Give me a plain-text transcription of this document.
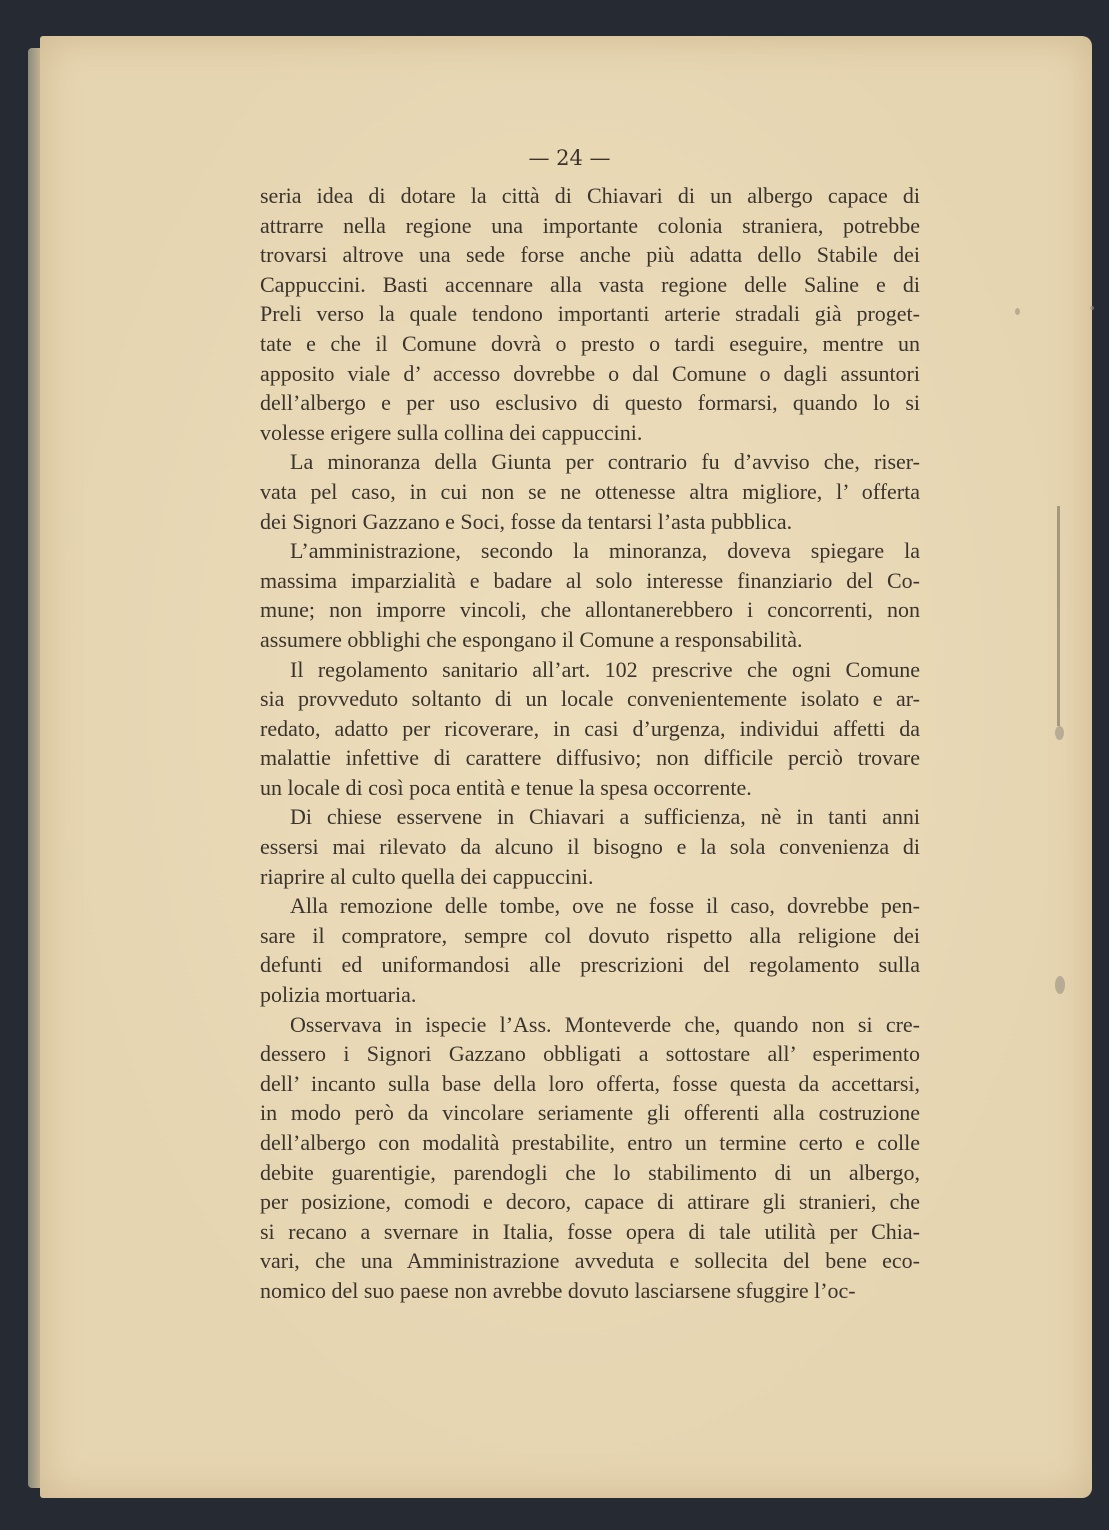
— 24 —
seria idea di dotare la città di Chiavari di un albergo capace di
attrarre nella regione una importante colonia straniera, potrebbe
trovarsi altrove una sede forse anche più adatta dello Stabile dei
Cappuccini. Basti accennare alla vasta regione delle Saline e di
Preli verso la quale tendono importanti arterie stradali già proget-
tate e che il Comune dovrà o presto o tardi eseguire, mentre un
apposito viale d’ accesso dovrebbe o dal Comune o dagli assuntori
dell’albergo e per uso esclusivo di questo formarsi, quando lo si
volesse erigere sulla collina dei cappuccini.
La minoranza della Giunta per contrario fu d’avviso che, riser-
vata pel caso, in cui non se ne ottenesse altra migliore, l’ offerta
dei Signori Gazzano e Soci, fosse da tentarsi l’asta pubblica.
L’amministrazione, secondo la minoranza, doveva spiegare la
massima imparzialità e badare al solo interesse finanziario del Co-
mune; non imporre vincoli, che allontanerebbero i concorrenti, non
assumere obblighi che espongano il Comune a responsabilità.
Il regolamento sanitario all’art. 102 prescrive che ogni Comune
sia provveduto soltanto di un locale convenientemente isolato e ar-
redato, adatto per ricoverare, in casi d’urgenza, individui affetti da
malattie infettive di carattere diffusivo; non difficile perciò trovare
un locale di così poca entità e tenue la spesa occorrente.
Di chiese esservene in Chiavari a sufficienza, nè in tanti anni
essersi mai rilevato da alcuno il bisogno e la sola convenienza di
riaprire al culto quella dei cappuccini.
Alla remozione delle tombe, ove ne fosse il caso, dovrebbe pen-
sare il compratore, sempre col dovuto rispetto alla religione dei
defunti ed uniformandosi alle prescrizioni del regolamento sulla
polizia mortuaria.
Osservava in ispecie l’Ass. Monteverde che, quando non si cre-
dessero i Signori Gazzano obbligati a sottostare all’ esperimento
dell’ incanto sulla base della loro offerta, fosse questa da accettarsi,
in modo però da vincolare seriamente gli offerenti alla costruzione
dell’albergo con modalità prestabilite, entro un termine certo e colle
debite guarentigie, parendogli che lo stabilimento di un albergo,
per posizione, comodi e decoro, capace di attirare gli stranieri, che
si recano a svernare in Italia, fosse opera di tale utilità per Chia-
vari, che una Amministrazione avveduta e sollecita del bene eco-
nomico del suo paese non avrebbe dovuto lasciarsene sfuggire l’oc-
